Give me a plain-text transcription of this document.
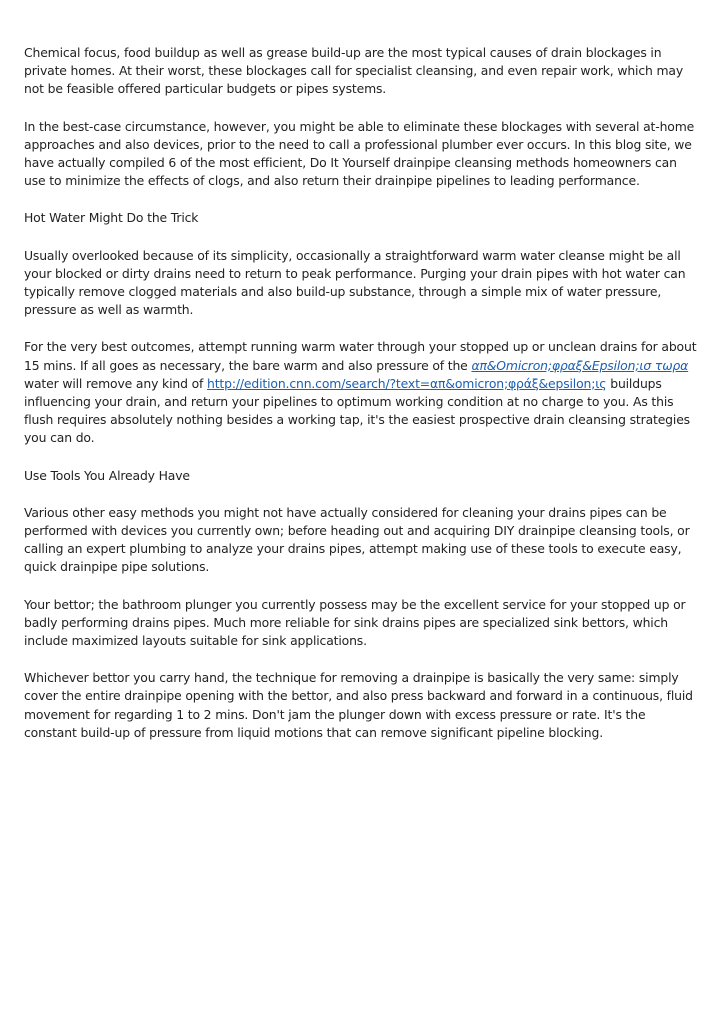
Chemical focus, food buildup as well as grease build-up are the most typical causes of drain blockages in private homes. At their worst, these blockages call for specialist cleansing, and even repair work, which may not be feasible offered particular budgets or pipes systems.

In the best-case circumstance, however, you might be able to eliminate these blockages with several at-home approaches and also devices, prior to the need to call a professional plumber ever occurs. In this blog site, we have actually compiled 6 of the most efficient, Do It Yourself drainpipe cleansing methods homeowners can use to minimize the effects of clogs, and also return their drainpipe pipelines to leading performance.

Hot Water Might Do the Trick

Usually overlooked because of its simplicity, occasionally a straightforward warm water cleanse might be all your blocked or dirty drains need to return to peak performance. Purging your drain pipes with hot water can typically remove clogged materials and also build-up substance, through a simple mix of water pressure, pressure as well as warmth.

For the very best outcomes, attempt running warm water through your stopped up or unclean drains for about 15 mins. If all goes as necessary, the bare warm and also pressure of the απ&Omicron;φραξ&Epsilon;ισ τωρα water will remove any kind of http://edition.cnn.com/search/?text=απ&omicron;φράξ&epsilon;ις buildups influencing your drain, and return your pipelines to optimum working condition at no charge to you. As this flush requires absolutely nothing besides a working tap, it's the easiest prospective drain cleansing strategies you can do.

Use Tools You Already Have

Various other easy methods you might not have actually considered for cleaning your drains pipes can be performed with devices you currently own; before heading out and acquiring DIY drainpipe cleansing tools, or calling an expert plumbing to analyze your drains pipes, attempt making use of these tools to execute easy, quick drainpipe pipe solutions.

Your bettor; the bathroom plunger you currently possess may be the excellent service for your stopped up or badly performing drains pipes. Much more reliable for sink drains pipes are specialized sink bettors, which include maximized layouts suitable for sink applications.

Whichever bettor you carry hand, the technique for removing a drainpipe is basically the very same: simply cover the entire drainpipe opening with the bettor, and also press backward and forward in a continuous, fluid movement for regarding 1 to 2 mins. Don't jam the plunger down with excess pressure or rate. It's the constant build-up of pressure from liquid motions that can remove significant pipeline blocking.
